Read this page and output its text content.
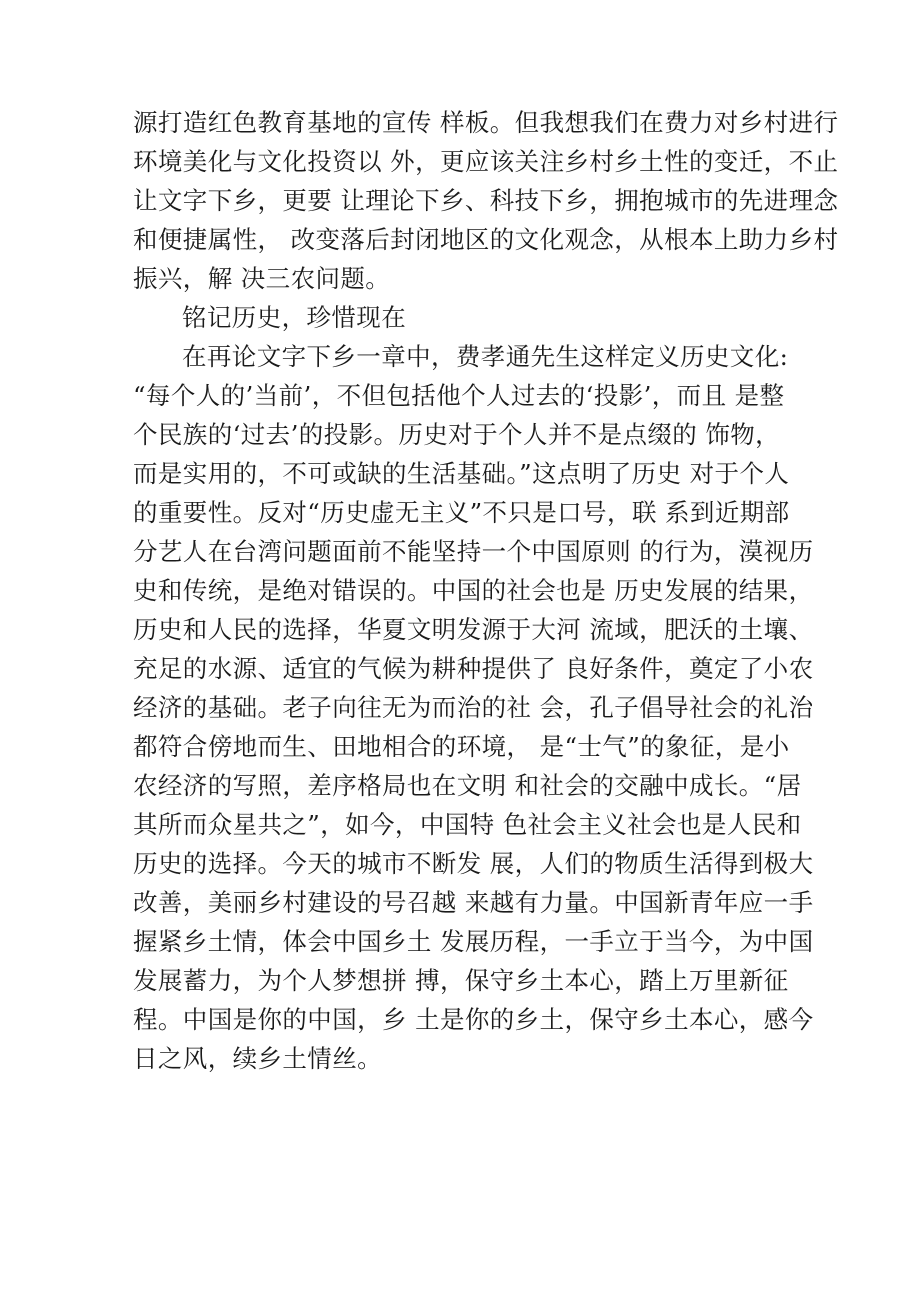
源打造红色教育基地的宣传 样板。但我想我们在费力对乡村进行
环境美化与文化投资以 外，更应该关注乡村乡土性的变迁，不止
让文字下乡，更要 让理论下乡、科技下乡，拥抱城市的先进理念
和便捷属性， 改变落后封闭地区的文化观念，从根本上助力乡村
振兴，解 决三农问题。
铭记历史，珍惜现在
在再论文字下乡一章中，费孝通先生这样定义历史文化:
“每个人的’当前’，不但包括他个人过去的‘投影’，而且 是整
个民族的‘过去’的投影。历史对于个人并不是点缀的 饰物，
而是实用的，不可或缺的生活基础。”这点明了历史 对于个人
的重要性。反对“历史虚无主义”不只是口号，联 系到近期部
分艺人在台湾问题面前不能坚持一个中国原则 的行为，漠视历
史和传统，是绝对错误的。中国的社会也是 历史发展的结果，
历史和人民的选择，华夏文明发源于大河 流域，肥沃的土壤、
充足的水源、适宜的气候为耕种提供了 良好条件，奠定了小农
经济的基础。老子向往无为而治的社 会，孔子倡导社会的礼治
都符合傍地而生、田地相合的环境， 是“士气”的象征，是小
农经济的写照，差序格局也在文明 和社会的交融中成长。“居
其所而众星共之”，如今，中国特 色社会主义社会也是人民和
历史的选择。今天的城市不断发 展，人们的物质生活得到极大
改善，美丽乡村建设的号召越 来越有力量。中国新青年应一手
握紧乡土情，体会中国乡土 发展历程，一手立于当今，为中国
发展蓄力，为个人梦想拼 搏，保守乡土本心，踏上万里新征
程。中国是你的中国，乡 土是你的乡土，保守乡土本心，感今
日之风，续乡土情丝。
